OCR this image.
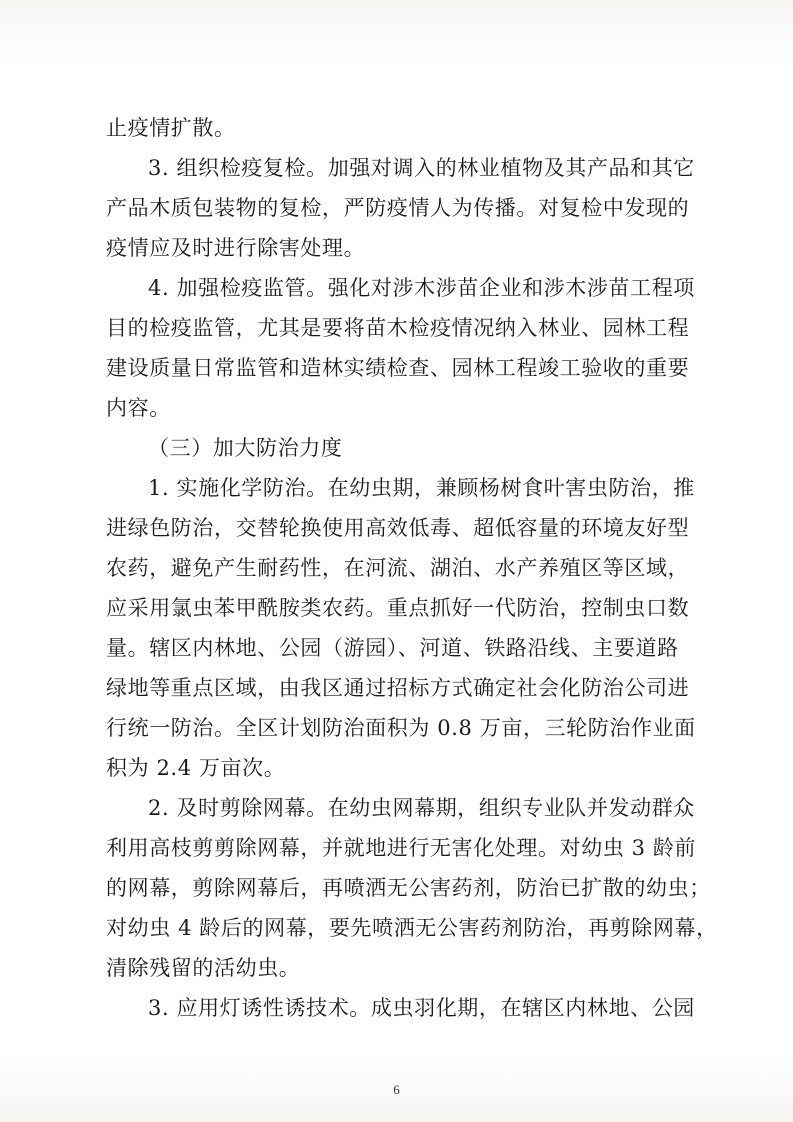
止疫情扩散。
3. 组织检疫复检。加强对调入的林业植物及其产品和其它
产品木质包装物的复检，严防疫情人为传播。对复检中发现的
疫情应及时进行除害处理。
4. 加强检疫监管。强化对涉木涉苗企业和涉木涉苗工程项
目的检疫监管，尤其是要将苗木检疫情况纳入林业、园林工程
建设质量日常监管和造林实绩检查、园林工程竣工验收的重要
内容。
（三）加大防治力度
1. 实施化学防治。在幼虫期，兼顾杨树食叶害虫防治，推
进绿色防治，交替轮换使用高效低毒、超低容量的环境友好型
农药，避免产生耐药性，在河流、湖泊、水产养殖区等区域，
应采用氯虫苯甲酰胺类农药。重点抓好一代防治，控制虫口数
量。辖区内林地、公园（游园）、河道、铁路沿线、主要道路
绿地等重点区域，由我区通过招标方式确定社会化防治公司进
行统一防治。全区计划防治面积为 0.8 万亩，三轮防治作业面
积为 2.4 万亩次。
2. 及时剪除网幕。在幼虫网幕期，组织专业队并发动群众
利用高枝剪剪除网幕，并就地进行无害化处理。对幼虫 3 龄前
的网幕，剪除网幕后，再喷洒无公害药剂，防治已扩散的幼虫；
对幼虫 4 龄后的网幕，要先喷洒无公害药剂防治，再剪除网幕，
清除残留的活幼虫。
3. 应用灯诱性诱技术。成虫羽化期，在辖区内林地、公园
6
